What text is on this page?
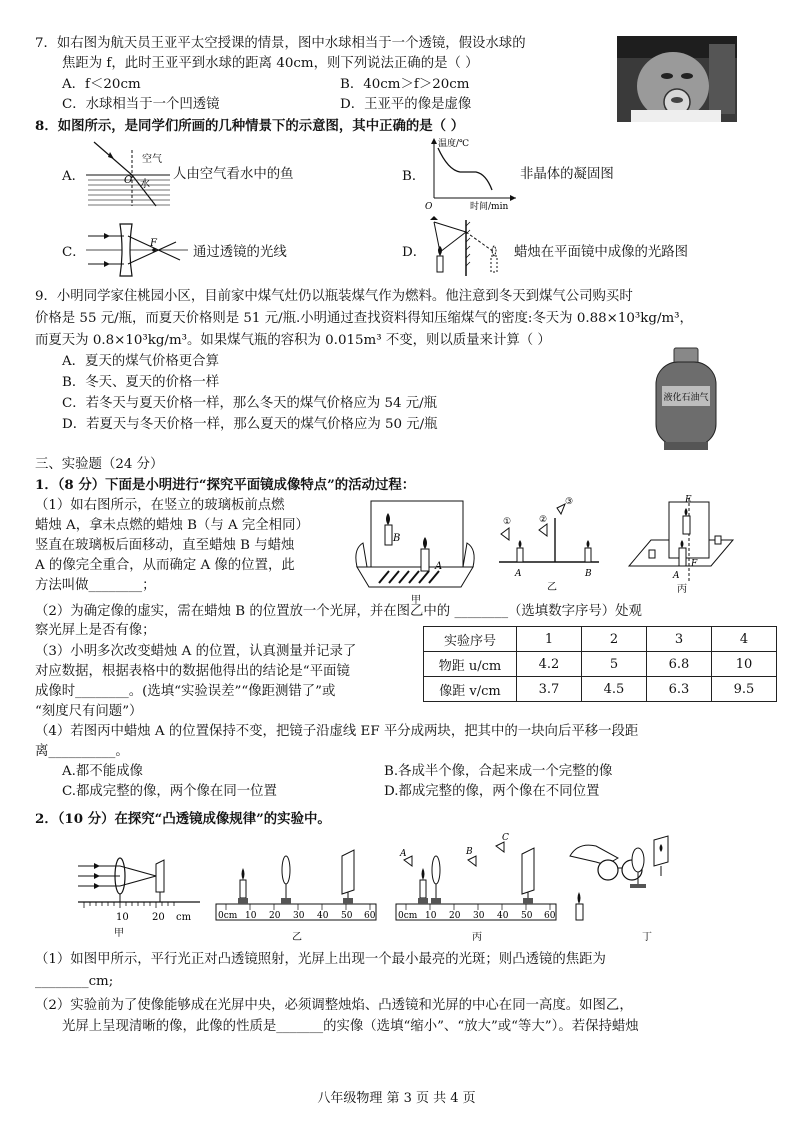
7．如右图为航天员王亚平太空授课的情景，图中水球相当于一个透镜，假设水球的
焦距为 f，此时王亚平到水球的距离 40cm，则下列说法正确的是（ ）
A．f＜20cm	B．40cm＞f＞20cm
C．水球相当于一个凹透镜	D．王亚平的像是虚像
8．如图所示，是同学们所画的几种情景下的示意图，其中正确的是（ ）
A．	O
空气
水
人由空气看水中的鱼	B．
温度/℃
时间/min
O
非晶体的凝固图
C．
F
通过透镜的光线	D．	蜡烛在平面镜中成像的光路图
9．小明同学家住桃园小区，目前家中煤气灶仍以瓶装煤气作为燃料。他注意到冬天到煤气公司购买时
价格是 55 元/瓶，而夏天价格则是 51 元/瓶.小明通过查找资料得知压缩煤气的密度:冬天为 0.88×10³kg/m³，
而夏天为 0.8×10³kg/m³。如果煤气瓶的容积为 0.015m³ 不变，则以质量来计算（ ）
A．夏天的煤气价格更合算
B．冬天、夏天的价格一样
C．若冬天与夏天价格一样，那么冬天的煤气价格应为 54 元/瓶
D．若夏天与冬天价格一样，那么夏天的煤气价格应为 50 元/瓶
液化石油气
三、实验题（24 分）
1．（8 分）下面是小明进行“探究平面镜成像特点”的活动过程：
（1）如右图所示，在竖立的玻璃板前点燃
蜡烛 A，拿未点燃的蜡烛 B（与 A 完全相同）
竖直在玻璃板后面移动，直至蜡烛 B 与蜡烛
A 的像完全重合，从而确定 A 像的位置，此
方法叫做________；
B
A
甲
①	②
③
A	B
乙
E
F
A
丙
（2）为确定像的虚实，需在蜡烛 B 的位置放一个光屏，并在图乙中的 ________（选填数字序号）处观
察光屏上是否有像；
（3）小明多次改变蜡烛 A 的位置，认真测量并记录了
对应数据，根据表格中的数据他得出的结论是“平面镜
成像时________。(选填“实验误差”“像距测错了”或
“刻度尺有问题”）
实验序号	1	2	3	4
物距 u/cm	4.2	5	6.8	10
像距 v/cm	3.7	4.5	6.3	9.5
（4）若图丙中蜡烛 A 的位置保持不变，把镜子沿虚线 EF 平分成两块，把其中的一块向后平移一段距
离__________。
A.都不能成像	B.各成半个像，合起来成一个完整的像
C.都成完整的像，两个像在同一位置	D.都成完整的像，两个像在不同位置
2．（10 分）在探究“凸透镜成像规律”的实验中。
10 20 cm
甲
0cm 10 20 30 40 50 60
乙
0cm 10 20 30 40 50 60
A	B
C
丙	丁
（1）如图甲所示，平行光正对凸透镜照射，光屏上出现一个最小最亮的光斑；则凸透镜的焦距为
________cm;
（2）实验前为了使像能够成在光屏中央，必须调整烛焰、凸透镜和光屏的中心在同一高度。如图乙，
光屏上呈现清晰的像，此像的性质是_______的实像（选填“缩小”、“放大”或“等大”）。若保持蜡烛
八年级物理 第 3 页 共 4 页
